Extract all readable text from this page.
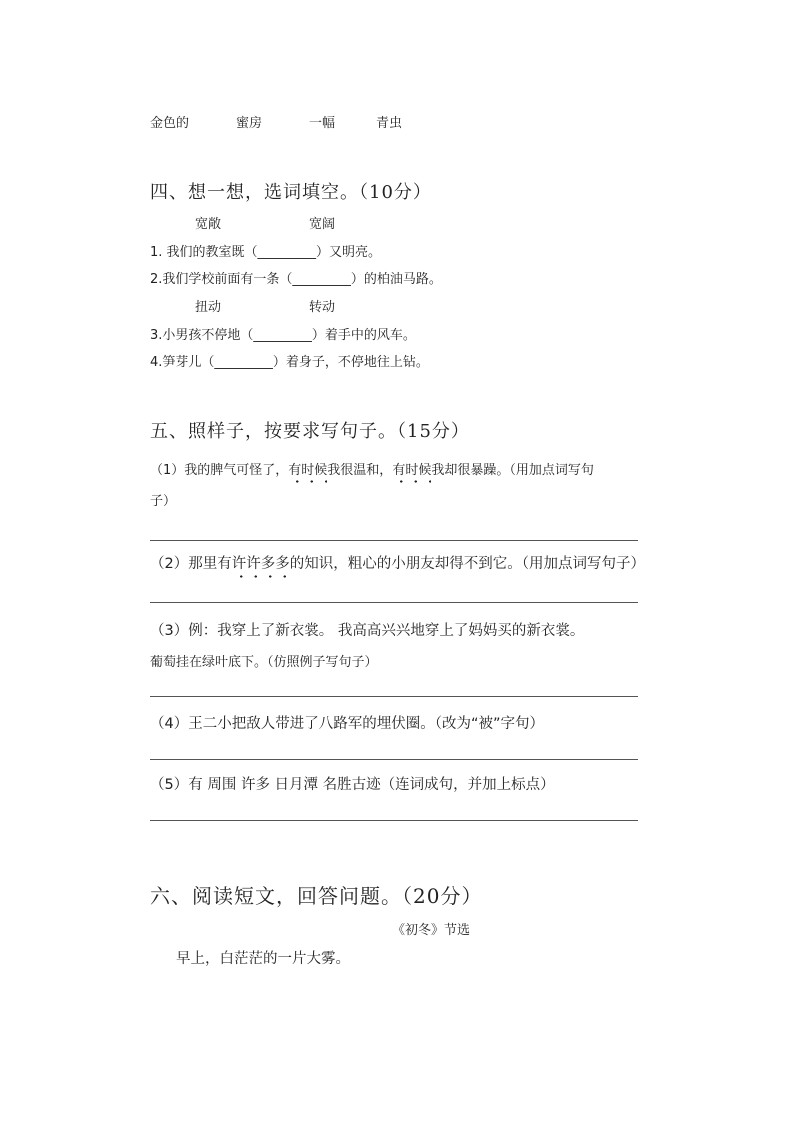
金色的	蜜房	一幅	青虫
四、想一想，选词填空。（10分）
宽敞	宽阔
1. 我们的教室既（_________）又明亮。
2.我们学校前面有一条（_________）的柏油马路。
扭动	转动
3.小男孩不停地（_________）着手中的风车。
4.笋芽儿（_________）着身子，不停地往上钻。
五、照样子，按要求写句子。（15分）
（1）我的脾气可怪了，有时候我很温和，有时候我却很暴躁。（用加点词写句
子）
（2）那里有许许多多的知识，粗心的小朋友却得不到它。（用加点词写句子）
（3）例：我穿上了新衣裳。 我高高兴兴地穿上了妈妈买的新衣裳。
葡萄挂在绿叶底下。（仿照例子写句子）
（4）王二小把敌人带进了八路军的埋伏圈。（改为“被”字句）
（5）有 周围 许多 日月潭 名胜古迹（连词成句，并加上标点）
六、阅读短文，回答问题。（20分）
《初冬》节选
早上，白茫茫的一片大雾。
